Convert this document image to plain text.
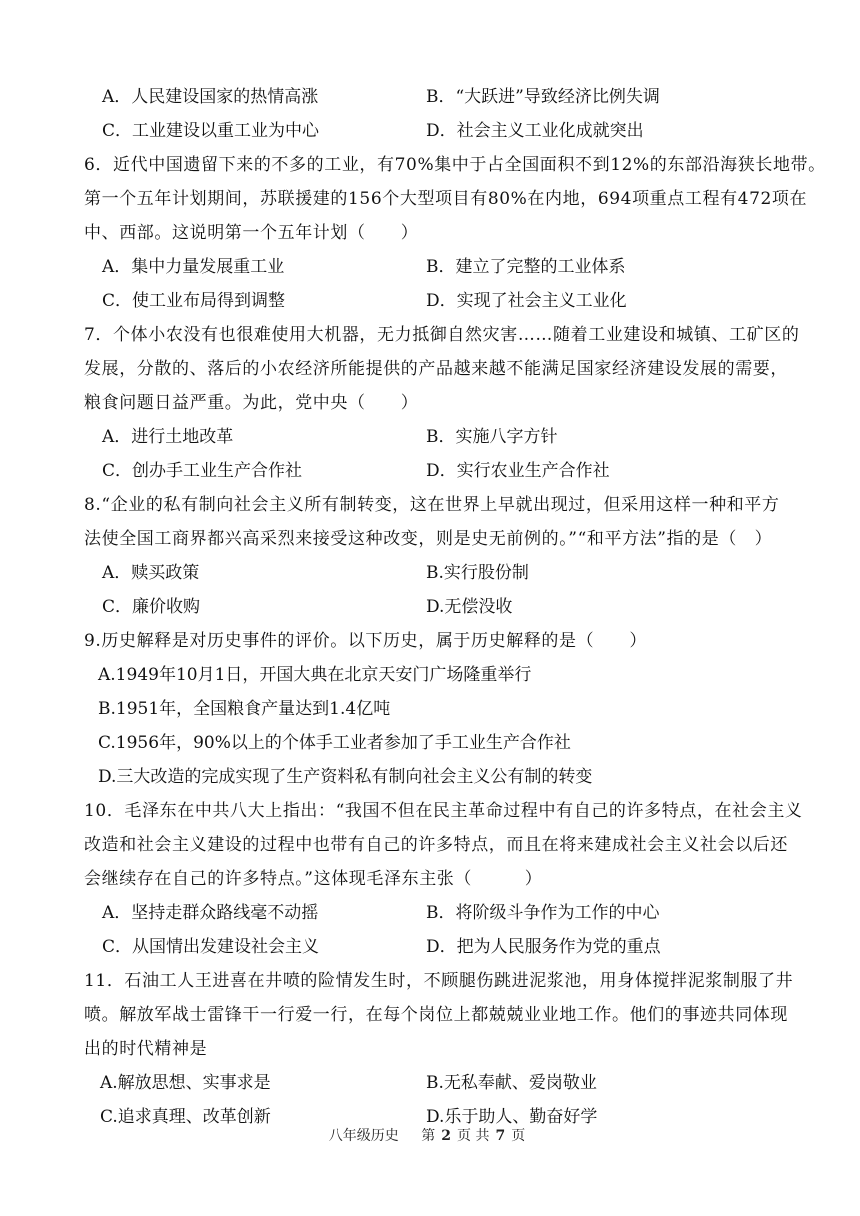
A．人民建设国家的热情高涨	B．“大跃进”导致经济比例失调
C．工业建设以重工业为中心	D．社会主义工业化成就突出
6．近代中国遗留下来的不多的工业，有70%集中于占全国面积不到12%的东部沿海狭长地带。
第一个五年计划期间，苏联援建的156个大型项目有80%在内地，694项重点工程有472项在
中、西部。这说明第一个五年计划（　　）
A．集中力量发展重工业	B．建立了完整的工业体系
C．使工业布局得到调整	D．实现了社会主义工业化
7．个体小农没有也很难使用大机器，无力抵御自然灾害……随着工业建设和城镇、工矿区的
发展，分散的、落后的小农经济所能提供的产品越来越不能满足国家经济建设发展的需要，
粮食问题日益严重。为此，党中央（　　）
A．进行土地改革	B．实施八字方针
C．创办手工业生产合作社	D．实行农业生产合作社
8.“企业的私有制向社会主义所有制转变，这在世界上早就出现过，但采用这样一种和平方
法使全国工商界都兴高采烈来接受这种改变，则是史无前例的。”“和平方法”指的是（　）
A．赎买政策	B.实行股份制
C．廉价收购	D.无偿没收
9.历史解释是对历史事件的评价。以下历史，属于历史解释的是（　　）
A.1949年10月1日，开国大典在北京天安门广场隆重举行
B.1951年，全国粮食产量达到1.4亿吨
C.1956年，90%以上的个体手工业者参加了手工业生产合作社
D.三大改造的完成实现了生产资料私有制向社会主义公有制的转变
10．毛泽东在中共八大上指出：“我国不但在民主革命过程中有自己的许多特点，在社会主义
改造和社会主义建设的过程中也带有自己的许多特点，而且在将来建成社会主义社会以后还
会继续存在自己的许多特点。”这体现毛泽东主张（　　　）
A．坚持走群众路线毫不动摇	B．将阶级斗争作为工作的中心
C．从国情出发建设社会主义	D．把为人民服务作为党的重点
11．石油工人王进喜在井喷的险情发生时，不顾腿伤跳进泥浆池，用身体搅拌泥浆制服了井
喷。解放军战士雷锋干一行爱一行，在每个岗位上都兢兢业业地工作。他们的事迹共同体现
出的时代精神是
A.解放思想、实事求是	B.无私奉献、爱岗敬业
C.追求真理、改革创新	D.乐于助人、勤奋好学
八年级历史 第 2 页 共 7 页
